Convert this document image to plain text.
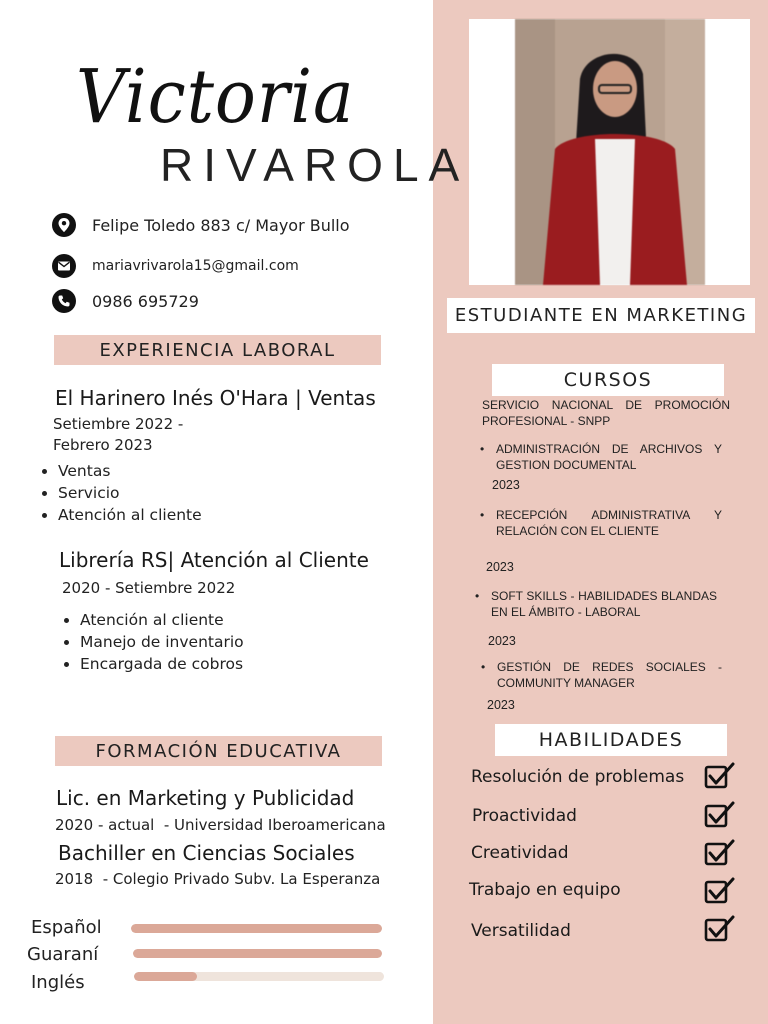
Victoria
RIVAROLA
Felipe Toledo 883 c/ Mayor Bullo
mariavrivarola15@gmail.com
0986 695729
EXPERIENCIA LABORAL
El Harinero Inés O'Hara | Ventas
Setiembre 2022 -
Febrero 2023
• Ventas
• Servicio
• Atención al cliente
Librería RS| Atención al Cliente
2020 - Setiembre 2022
• Atención al cliente
• Manejo de inventario
• Encargada de cobros
FORMACIÓN EDUCATIVA
Lic. en Marketing y Publicidad
2020 - actual  - Universidad Iberoamericana
Bachiller en Ciencias Sociales
2018  - Colegio Privado Subv. La Esperanza
Español
Guaraní
Inglés
ESTUDIANTE EN MARKETING
CURSOS
SERVICIO NACIONAL DE PROMOCIÓN PROFESIONAL - SNPP
• ADMINISTRACIÓN DE ARCHIVOS Y GESTION DOCUMENTAL
2023
• RECEPCIÓN ADMINISTRATIVA Y RELACIÓN CON EL CLIENTE
2023
• SOFT SKILLS - HABILIDADES BLANDAS EN EL ÁMBITO - LABORAL
2023
• GESTIÓN DE REDES SOCIALES - COMMUNITY MANAGER
2023
HABILIDADES
Resolución de problemas
Proactividad
Creatividad
Trabajo en equipo
Versatilidad
